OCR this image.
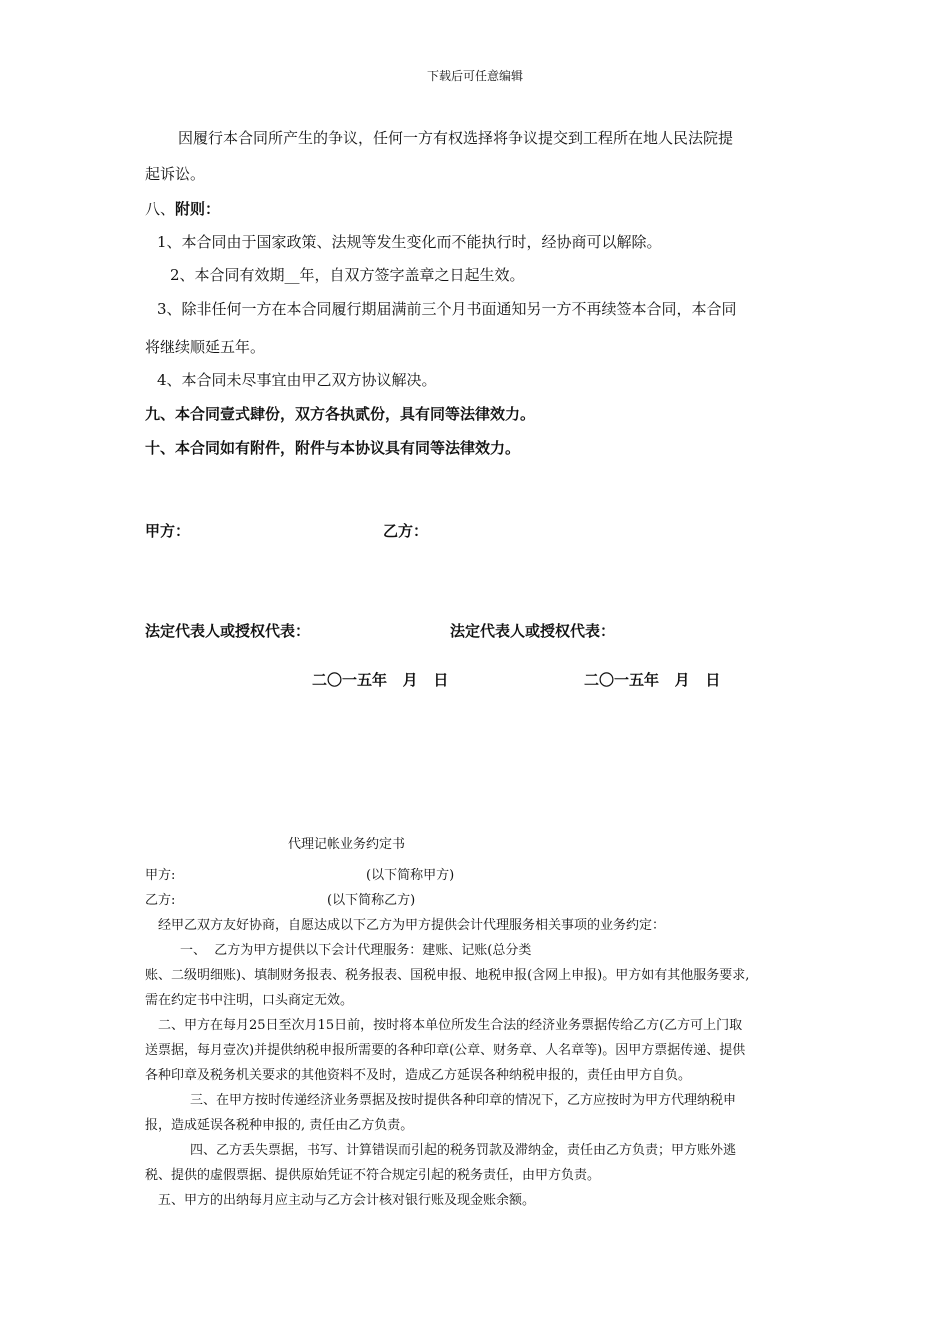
下载后可任意编辑
因履行本合同所产生的争议，任何一方有权选择将争议提交到工程所在地人民法院提
起诉讼。
八、附则：
1、本合同由于国家政策、法规等发生变化而不能执行时，经协商可以解除。
2、本合同有效期__年，自双方签字盖章之日起生效。
3、除非任何一方在本合同履行期届满前三个月书面通知另一方不再续签本合同，本合同
将继续顺延五年。
4、本合同未尽事宜由甲乙双方协议解决。
九、本合同壹式肆份，双方各执贰份，具有同等法律效力。
十、本合同如有附件，附件与本协议具有同等法律效力。
甲方：	乙方：
法定代表人或授权代表：	法定代表人或授权代表：
二〇一五年   月   日	二〇一五年   月   日
代理记帐业务约定书
甲方:	(以下简称甲方)
乙方:	(以下简称乙方)
经甲乙双方友好协商，自愿达成以下乙方为甲方提供会计代理服务相关事项的业务约定：
一、  乙方为甲方提供以下会计代理服务：建账、记账(总分类
账、二级明细账)、填制财务报表、税务报表、国税申报、地税申报(含网上申报)。甲方如有其他服务要求,
需在约定书中注明，口头商定无效。
二、甲方在每月25日至次月15日前，按时将本单位所发生合法的经济业务票据传给乙方(乙方可上门取
送票据，每月壹次)并提供纳税申报所需要的各种印章(公章、财务章、人名章等)。因甲方票据传递、提供
各种印章及税务机关要求的其他资料不及时，造成乙方延误各种纳税申报的，责任由甲方自负。
三、在甲方按时传递经济业务票据及按时提供各种印章的情况下，乙方应按时为甲方代理纳税申
报，造成延误各税种申报的, 责任由乙方负责。
四、乙方丢失票据，书写、计算错误而引起的税务罚款及滞纳金，责任由乙方负责；甲方账外逃
税、提供的虚假票据、提供原始凭证不符合规定引起的税务责任，由甲方负责。
五、甲方的出纳每月应主动与乙方会计核对银行账及现金账余额。
